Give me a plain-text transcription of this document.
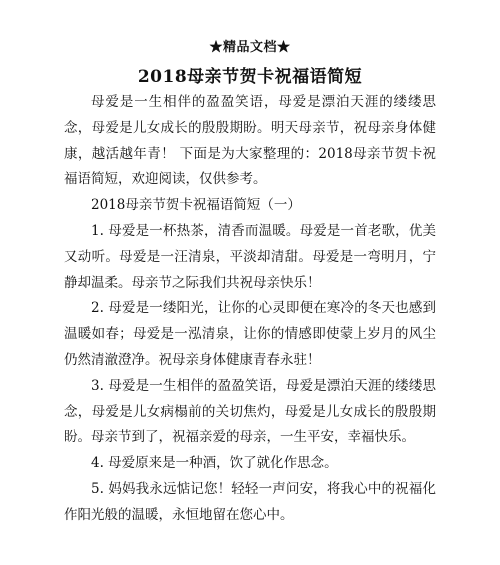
★精品文档★
2018母亲节贺卡祝福语简短

母爱是一生相伴的盈盈笑语，母爱是漂泊天涯的缕缕思念，母爱是儿女成长的殷殷期盼。明天母亲节，祝母亲身体健康，越活越年青！ 下面是为大家整理的：2018母亲节贺卡祝福语简短，欢迎阅读，仅供参考。

2018母亲节贺卡祝福语简短（一）

1. 母爱是一杯热茶，清香而温暖。母爱是一首老歌，优美又动听。母爱是一汪清泉，平淡却清甜。母爱是一弯明月，宁静却温柔。母亲节之际我们共祝母亲快乐！

2. 母爱是一缕阳光，让你的心灵即便在寒冷的冬天也感到温暖如春；母爱是一泓清泉，让你的情感即使蒙上岁月的风尘仍然清澈澄净。祝母亲身体健康青春永驻！

3. 母爱是一生相伴的盈盈笑语，母爱是漂泊天涯的缕缕思念，母爱是儿女病榻前的关切焦灼，母爱是儿女成长的殷殷期盼。母亲节到了，祝福亲爱的母亲，一生平安，幸福快乐。

4. 母爱原来是一种酒，饮了就化作思念。

5. 妈妈我永远惦记您！轻轻一声问安，将我心中的祝福化作阳光般的温暖，永恒地留在您心中。
